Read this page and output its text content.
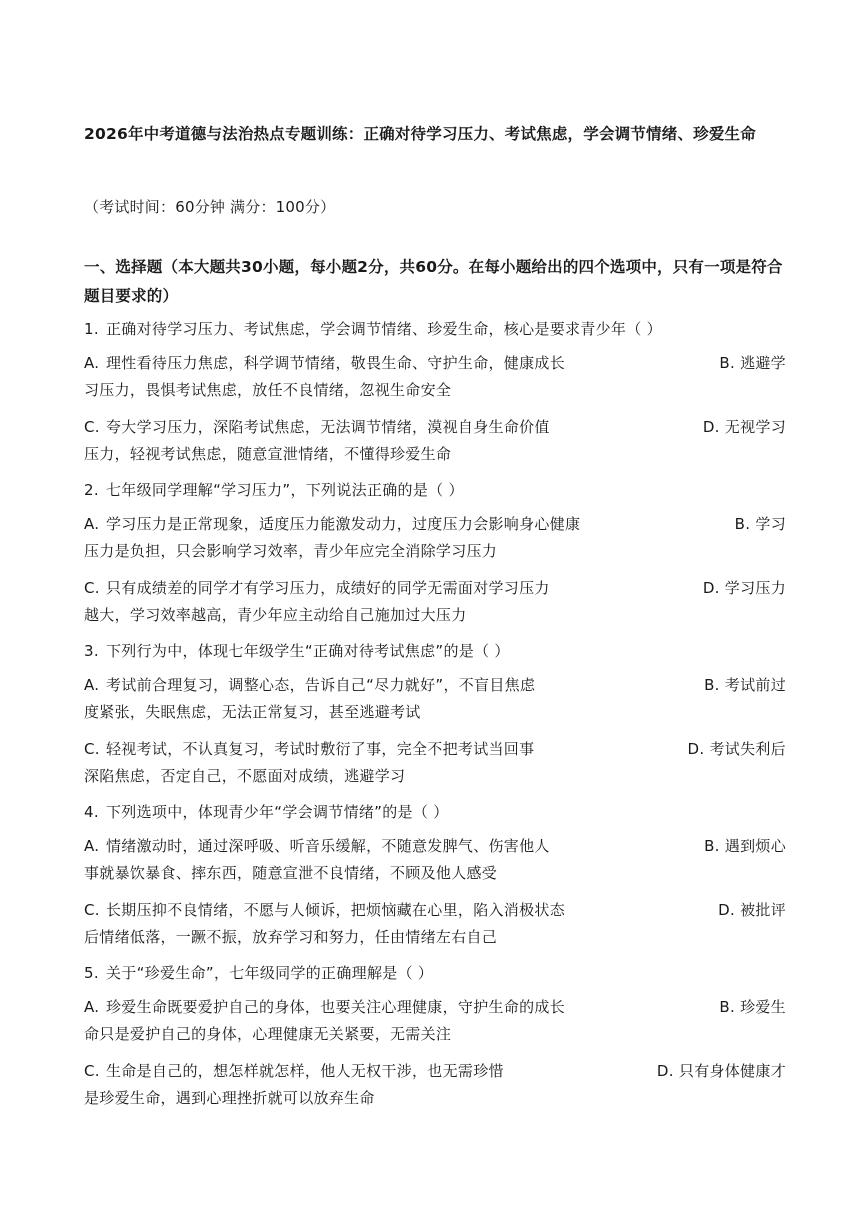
2026年中考道德与法治热点专题训练：正确对待学习压力、考试焦虑，学会调节情绪、珍爱生命
（考试时间：60分钟 满分：100分）
一、选择题（本大题共30小题，每小题2分，共60分。在每小题给出的四个选项中，只有一项是符合题目要求的）
1. 正确对待学习压力、考试焦虑，学会调节情绪、珍爱生命，核心是要求青少年（ ）
A. 理性看待压力焦虑，科学调节情绪，敬畏生命、守护生命，健康成长	B. 逃避学
习压力，畏惧考试焦虑，放任不良情绪，忽视生命安全
C. 夸大学习压力，深陷考试焦虑，无法调节情绪，漠视自身生命价值	D. 无视学习
压力，轻视考试焦虑，随意宣泄情绪，不懂得珍爱生命
2. 七年级同学理解“学习压力”，下列说法正确的是（ ）
A. 学习压力是正常现象，适度压力能激发动力，过度压力会影响身心健康	B. 学习
压力是负担，只会影响学习效率，青少年应完全消除学习压力
C. 只有成绩差的同学才有学习压力，成绩好的同学无需面对学习压力	D. 学习压力
越大，学习效率越高，青少年应主动给自己施加过大压力
3. 下列行为中，体现七年级学生“正确对待考试焦虑”的是（ ）
A. 考试前合理复习，调整心态，告诉自己“尽力就好”，不盲目焦虑	B. 考试前过
度紧张，失眠焦虑，无法正常复习，甚至逃避考试
C. 轻视考试，不认真复习，考试时敷衍了事，完全不把考试当回事	D. 考试失利后
深陷焦虑，否定自己，不愿面对成绩，逃避学习
4. 下列选项中，体现青少年“学会调节情绪”的是（ ）
A. 情绪激动时，通过深呼吸、听音乐缓解，不随意发脾气、伤害他人	B. 遇到烦心
事就暴饮暴食、摔东西，随意宣泄不良情绪，不顾及他人感受
C. 长期压抑不良情绪，不愿与人倾诉，把烦恼藏在心里，陷入消极状态	D. 被批评
后情绪低落，一蹶不振，放弃学习和努力，任由情绪左右自己
5. 关于“珍爱生命”，七年级同学的正确理解是（ ）
A. 珍爱生命既要爱护自己的身体，也要关注心理健康，守护生命的成长	B. 珍爱生
命只是爱护自己的身体，心理健康无关紧要，无需关注
C. 生命是自己的，想怎样就怎样，他人无权干涉，也无需珍惜	D. 只有身体健康才
是珍爱生命，遇到心理挫折就可以放弃生命
